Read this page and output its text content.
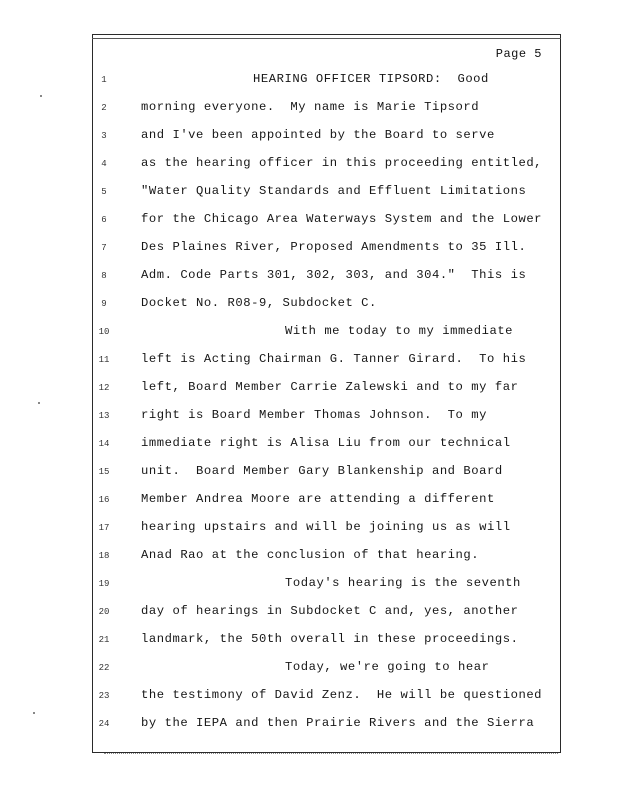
Page 5
1
2
3
4
5
6
7
8
9
10
11
12
13
14
15
16
17
18
19
20
21
22
23
24
HEARING OFFICER TIPSORD:  Good
morning everyone.  My name is Marie Tipsord
and I've been appointed by the Board to serve
as the hearing officer in this proceeding entitled,
"Water Quality Standards and Effluent Limitations
for the Chicago Area Waterways System and the Lower
Des Plaines River, Proposed Amendments to 35 Ill.
Adm. Code Parts 301, 302, 303, and 304."  This is
Docket No. R08-9, Subdocket C.
With me today to my immediate
left is Acting Chairman G. Tanner Girard.  To his
left, Board Member Carrie Zalewski and to my far
right is Board Member Thomas Johnson.  To my
immediate right is Alisa Liu from our technical
unit.  Board Member Gary Blankenship and Board
Member Andrea Moore are attending a different
hearing upstairs and will be joining us as will
Anad Rao at the conclusion of that hearing.
Today's hearing is the seventh
day of hearings in Subdocket C and, yes, another
landmark, the 50th overall in these proceedings.
Today, we're going to hear
the testimony of David Zenz.  He will be questioned
by the IEPA and then Prairie Rivers and the Sierra
